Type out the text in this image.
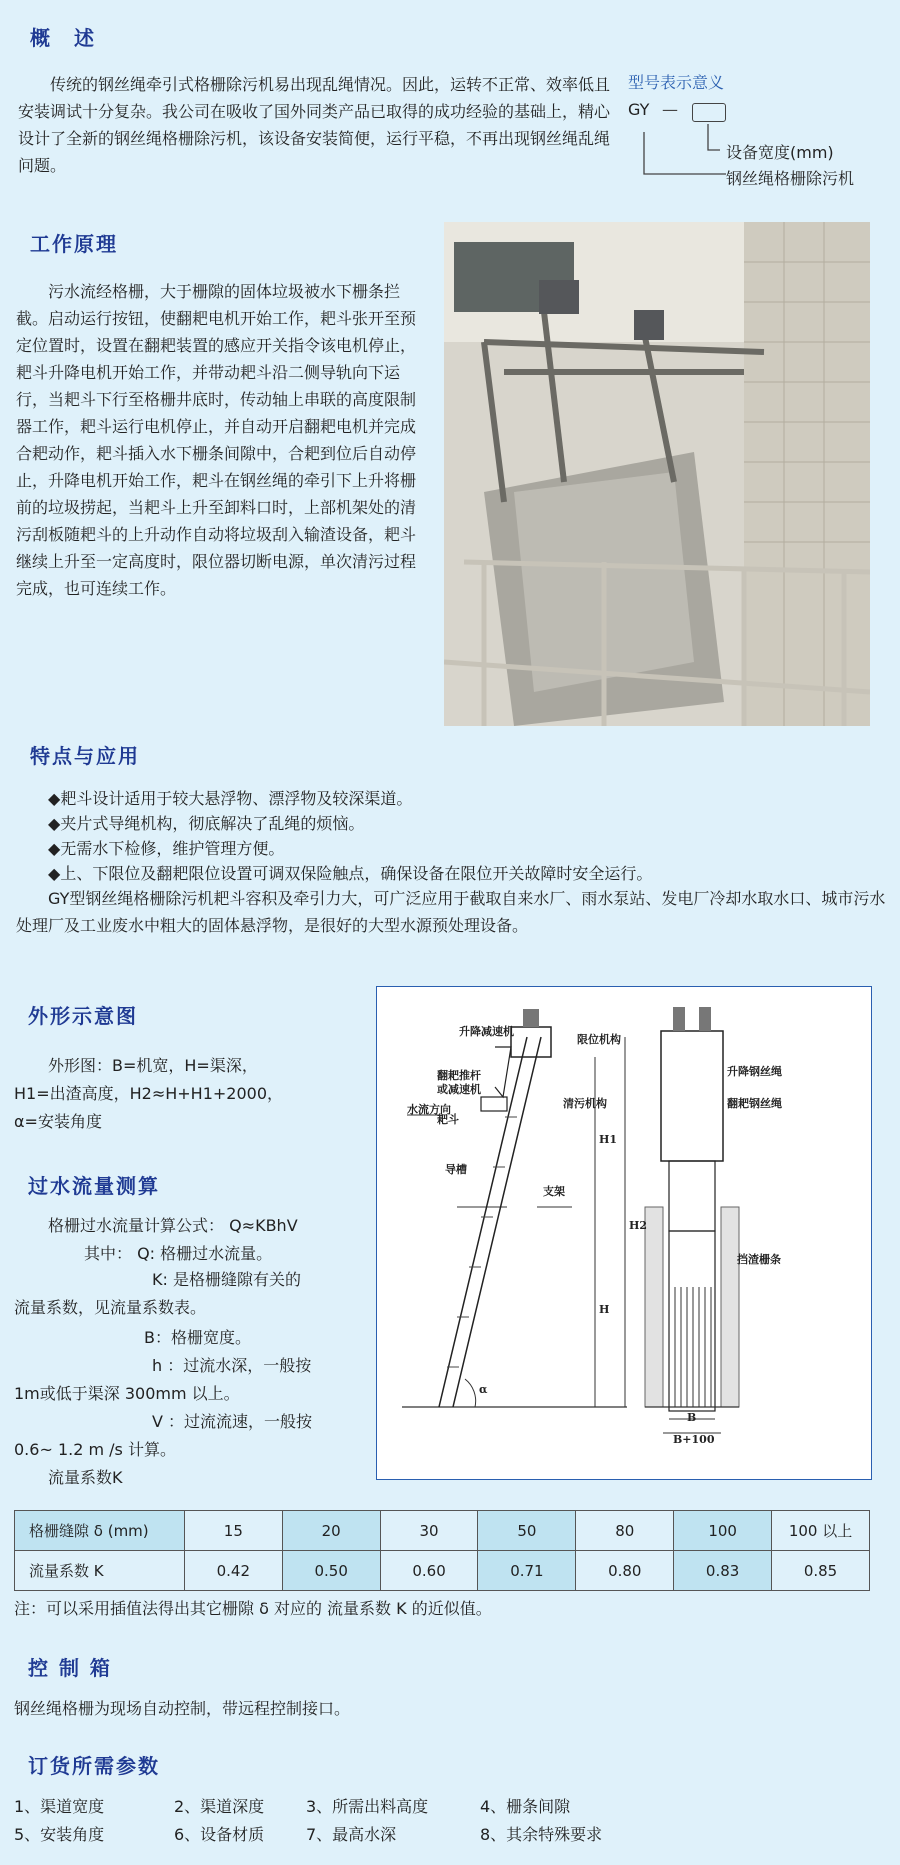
概　述

传统的钢丝绳牵引式格栅除污机易出现乱绳情况。因此，运转不正常、效率低且安装调试十分复杂。我公司在吸收了国外同类产品已取得的成功经验的基础上，精心设计了全新的钢丝绳格栅除污机，该设备安装简便，运行平稳，不再出现钢丝绳乱绳问题。

型号表示意义
GY —
设备宽度(mm)
钢丝绳格栅除污机
工作原理

污水流经格栅，大于栅隙的固体垃圾被水下栅条拦截。启动运行按钮，使翻耙电机开始工作，耙斗张开至预定位置时，设置在翻耙装置的感应开关指令该电机停止，耙斗升降电机开始工作，并带动耙斗沿二侧导轨向下运行，当耙斗下行至格栅井底时，传动轴上串联的高度限制器工作，耙斗运行电机停止，并自动开启翻耙电机并完成合耙动作，耙斗插入水下栅条间隙中，合耙到位后自动停止，升降电机开始工作，耙斗在钢丝绳的牵引下上升将栅前的垃圾捞起，当耙斗上升至卸料口时，上部机架处的清污刮板随耙斗的上升动作自动将垃圾刮入输渣设备，耙斗继续上升至一定高度时，限位器切断电源，单次清污过程完成，也可连续工作。

特点与应用
◆耙斗设计适用于较大悬浮物、漂浮物及较深渠道。
◆夹片式导绳机构，彻底解决了乱绳的烦恼。
◆无需水下检修，维护管理方便。
◆上、下限位及翻耙限位设置可调双保险触点，确保设备在限位开关故障时安全运行。

GY型钢丝绳格栅除污机耙斗容积及牵引力大，可广泛应用于截取自来水厂、雨水泵站、发电厂冷却水取水口、城市污水处理厂及工业废水中粗大的固体悬浮物，是很好的大型水源预处理设备。

外形示意图
外形图：B=机宽，H=渠深，
H1=出渣高度，H2≈H+H1+2000，
α=安装角度
过水流量测算
格栅过水流量计算公式： Q≈KBhV
其中： Q: 格栅过水流量。
K: 是格栅缝隙有关的
流量系数，见流量系数表。
B：格栅宽度。
h ：过流水深，一般按
1m或低于渠深 300mm 以上。
V ：过流流速，一般按
0.6~ 1.2 m /s 计算。
流量系数K
升降减速机
限位机构
翻耙推杆
或减速机
清污机构
耙斗
导槽
支架
H1
H2
H
水流方向
α
升降钢丝绳
翻耙钢丝绳
挡渣栅条
B
B+100
格栅缝隙 δ (mm)	15	20	30	50	80	100	100 以上
流量系数 K	0.42	0.50	0.60	0.71	0.80	0.83	0.85
注：可以采用插值法得出其它栅隙 δ 对应的 流量系数 K 的近似值。
控 制 箱
钢丝绳格栅为现场自动控制，带远程控制接口。
订货所需参数
1、渠道宽度	2、渠道深度	3、所需出料高度	4、栅条间隙
5、安装角度	6、设备材质	7、最高水深	8、其余特殊要求
